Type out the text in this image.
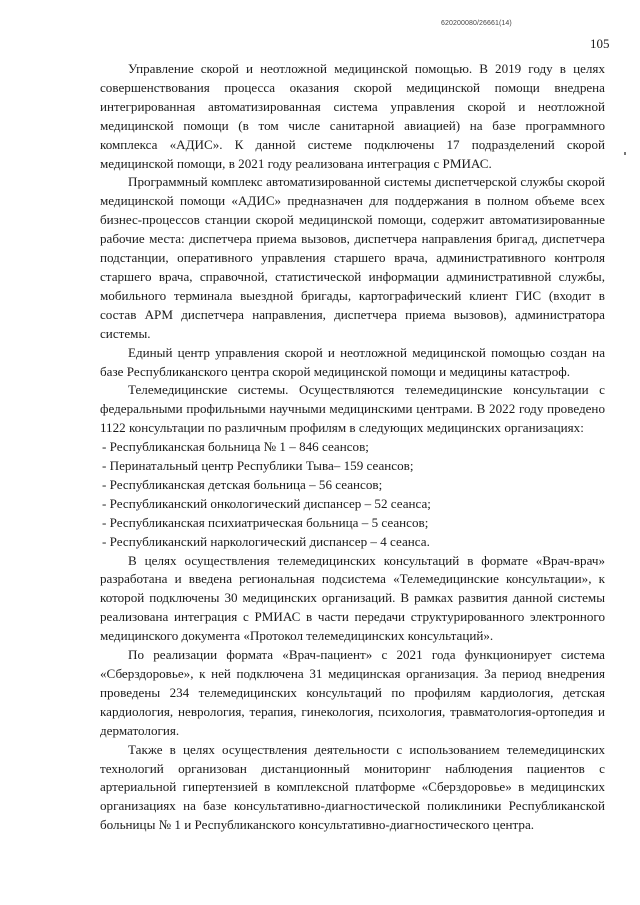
620200080/26661(14)
105

Управление скорой и неотложной медицинской помощью. В 2019 году в целях совершенствования процесса оказания скорой медицинской помощи внедрена интегрированная автоматизированная система управления скорой и неотложной медицинской помощи (в том числе санитарной авиацией) на базе программного комплекса «АДИС». К данной системе подключены 17 подразделений скорой медицинской помощи, в 2021 году реализована интеграция с РМИАС.

Программный комплекс автоматизированной системы диспетчерской службы скорой медицинской помощи «АДИС» предназначен для поддержания в полном объеме всех бизнес-процессов станции скорой медицинской помощи, содержит автоматизированные рабочие места: диспетчера приема вызовов, диспетчера направления бригад, диспетчера подстанции, оперативного управления старшего врача, административного контроля старшего врача, справочной, статистической информации административной службы, мобильного терминала выездной бригады, картографический клиент ГИС (входит в состав АРМ диспетчера направления, диспетчера приема вызовов), администратора системы.

Единый центр управления скорой и неотложной медицинской помощью создан на базе Республиканского центра скорой медицинской помощи и медицины катастроф.

Телемедицинские системы. Осуществляются телемедицинские консультации с федеральными профильными научными медицинскими центрами. В 2022 году проведено 1122 консультации по различным профилям в следующих медицинских организациях:

- Республиканская больница № 1 – 846 сеансов;

- Перинатальный центр Республики Тыва– 159 сеансов;

- Республиканская детская больница – 56 сеансов;

- Республиканский онкологический диспансер – 52 сеанса;

- Республиканская психиатрическая больница – 5 сеансов;

- Республиканский наркологический диспансер – 4 сеанса.

В целях осуществления телемедицинских консультаций в формате «Врач-врач» разработана и введена региональная подсистема «Телемедицинские консультации», к которой подключены 30 медицинских организаций. В рамках развития данной системы реализована интеграция с РМИАС в части передачи структурированного электронного медицинского документа «Протокол телемедицинских консультаций».

По реализации формата «Врач-пациент» с 2021 года функционирует система «Сберздоровье», к ней подключена 31 медицинская организация. За период внедрения проведены 234 телемедицинских консультаций по профилям кардиология, детская кардиология, неврология, терапия, гинекология, психология, травматология-ортопедия и дерматология.

Также в целях осуществления деятельности с использованием телемедицинских технологий организован дистанционный мониторинг наблюдения пациентов с артериальной гипертензией в комплексной платформе «Сберздоровье» в медицинских организациях на базе консультативно-диагностической поликлиники Республиканской больницы № 1 и Республиканского консультативно-диагностического центра.
